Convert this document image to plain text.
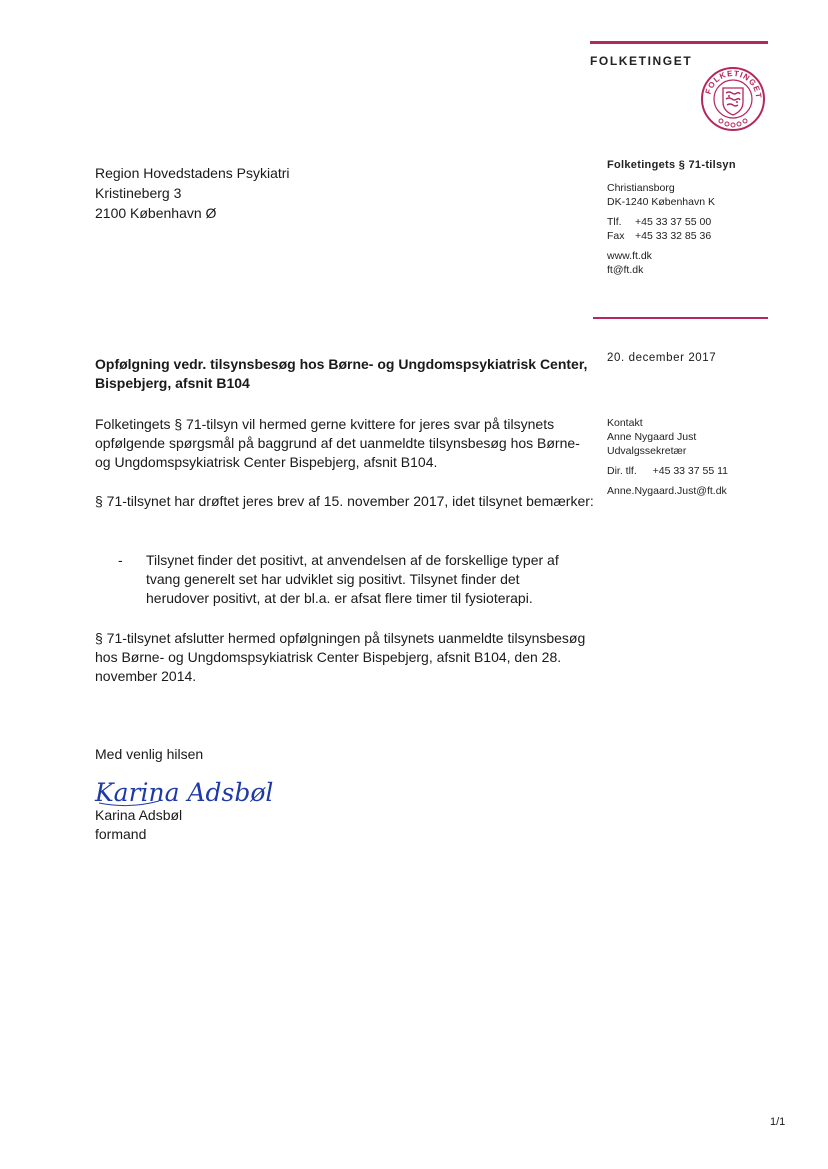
FOLKETINGET
FOLKETINGET
Region Hovedstadens Psykiatri
Kristineberg 3
2100 København Ø
Folketingets § 71-tilsyn
Christiansborg
DK-1240 København K
Tlf.	+45 33 37 55 00
Fax +45 33 32 85 36
www.ft.dk
ft@ft.dk
20. december 2017
Kontakt
Anne Nygaard Just
Udvalgssekretær
Dir. tlf. +45 33 37 55 11
Anne.Nygaard.Just@ft.dk
Opfølgning vedr. tilsynsbesøg hos Børne- og Ungdomspsykiatrisk Center, Bispebjerg, afsnit B104
Folketingets § 71-tilsyn vil hermed gerne kvittere for jeres svar på tilsynets opfølgende spørgsmål på baggrund af det uanmeldte tilsynsbesøg hos Børne- og Ungdomspsykiatrisk Center Bispebjerg, afsnit B104.
§ 71-tilsynet har drøftet jeres brev af 15. november 2017, idet tilsynet bemærker:
-	Tilsynet finder det positivt, at anvendelsen af de forskellige typer af tvang generelt set har udviklet sig positivt. Tilsynet finder det herudover positivt, at der bl.a. er afsat flere timer til fysioterapi.
§ 71-tilsynet afslutter hermed opfølgningen på tilsynets uanmeldte tilsynsbesøg hos Børne- og Ungdomspsykiatrisk Center Bispebjerg, afsnit B104, den 28. november 2014.
Med venlig hilsen
Karina Adsbøl
Karina Adsbøl
formand
1/1
